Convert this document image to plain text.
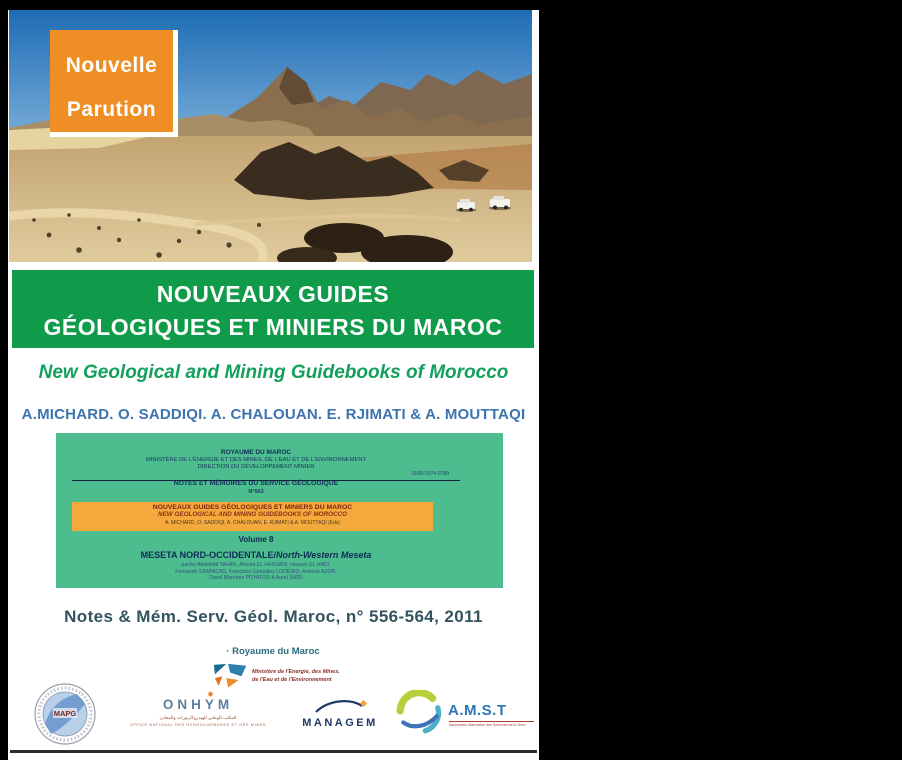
Nouvelle
Parution
NOUVEAUX GUIDES
GÉOLOGIQUES ET MINIERS DU MAROC
New Geological and Mining Guidebooks of Morocco
A.MICHARD. O. SADDIQI. A. CHALOUAN. E. RJIMATI & A. MOUTTAQI
ROYAUME DU MAROC
MINISTÈRE DE L'ÉNERGIE ET DES MINES, DE L'EAU ET DE L'ENVIRONNEMENT
DIRECTION DU DÉVELOPPEMENT MINIER
NOTES ET MÉMOIRES DU SERVICE GÉOLOGIQUE
N°563
ISSN 0374-9789
NOUVEAUX GUIDES GÉOLOGIQUES ET MINIERS DU MAROC
NEW GEOLOGICAL AND MINING GUIDEBOOKS OF MOROCCO
A. MICHARD, O. SADDIQI, A. CHALOUAN, E. RJIMATI & A. MOUTTAQI (Eds)
Volume 8
MESETA NORD-OCCIDENTALE/North-Western Meseta
par/by Abdellatif TAHIRI, Ahmed EL HASSANI, Hassan EL HADI,
Fernando SIMANCAS, Francisco González LODEIRO, Antonio AZOR,
David Martínez POYATOS & Aurel SAÏDI
Notes & Mém. Serv. Géol. Maroc, n° 556-564, 2011
· Royaume du Maroc
Ministère de l'Energie, des Mines,
de l'Eau et de l'Environnement
MAPG
ONHYM
✷
المكتب الوطني للهيدروكاربورات والمعادن
OFFICE NATIONAL DES HYDROCARBURES ET DES MINES	MANAGEM
A.M.S.T
Association Marocaine des Sciences de la Terre
